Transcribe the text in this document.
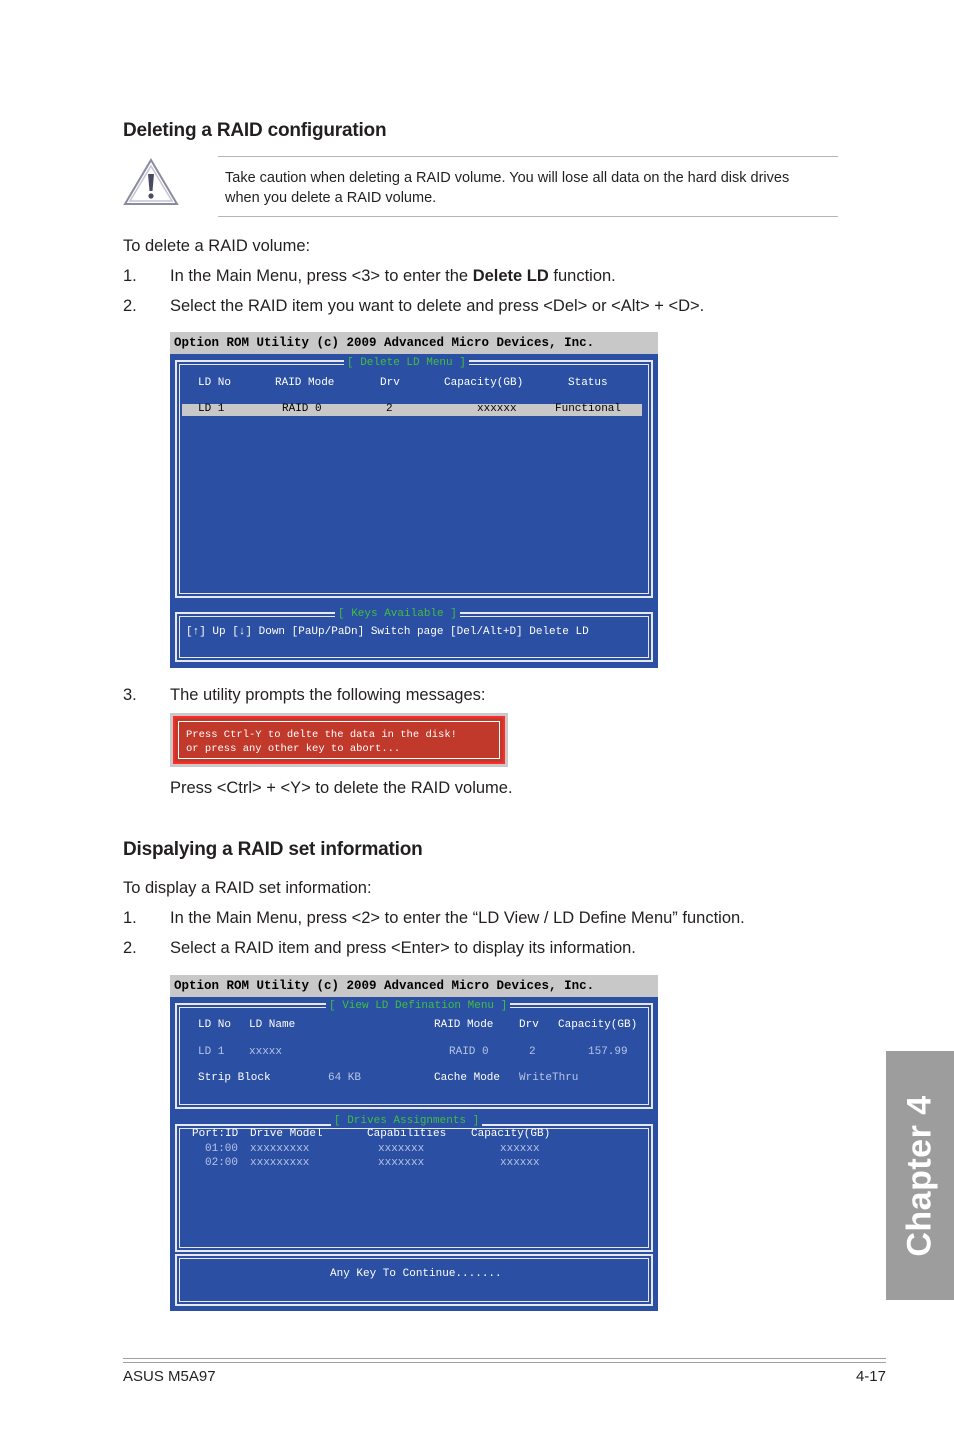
Deleting a RAID configuration
Take caution when deleting a RAID volume. You will lose all data on the hard disk drives
when you delete a RAID volume.
To delete a RAID volume:
1. In the Main Menu, press <3> to enter the Delete LD function.
2. Select the RAID item you want to delete and press <Del> or <Alt> + <D>.
Option ROM Utility (c) 2009 Advanced Micro Devices, Inc.
[ Delete LD Menu ]
LD No	RAID Mode	Drv	Capacity(GB)	Status
LD 1	RAID 0	2	xxxxxx	Functional
[ Keys Available ]
[↑] Up [↓] Down [PaUp/PaDn] Switch page [Del/Alt+D] Delete LD
3. The utility prompts the following messages:
Press Ctrl-Y to delte the data in the disk!
or press any other key to abort...
Press <Ctrl> + <Y> to delete the RAID volume.
Dispalying a RAID set information
To display a RAID set information:
1. In the Main Menu, press <2> to enter the “LD View / LD Define Menu” function.
2. Select a RAID item and press <Enter> to display its information.
Option ROM Utility (c) 2009 Advanced Micro Devices, Inc.
[ View LD Defination Menu ]
LD No LD Name	RAID Mode Drv Capacity(GB)
LD 1 xxxxx	RAID 0	2	157.99
Strip Block	64 KB	Cache Mode WriteThru
[ Drives Assignments ]
Port:ID Drive Model	Capabilities Capacity(GB)
01:00 xxxxxxxxx	xxxxxxx	xxxxxx
02:00 xxxxxxxxx	xxxxxxx	xxxxxx
Any Key To Continue.......
Chapter 4
ASUS M5A97	4-17
